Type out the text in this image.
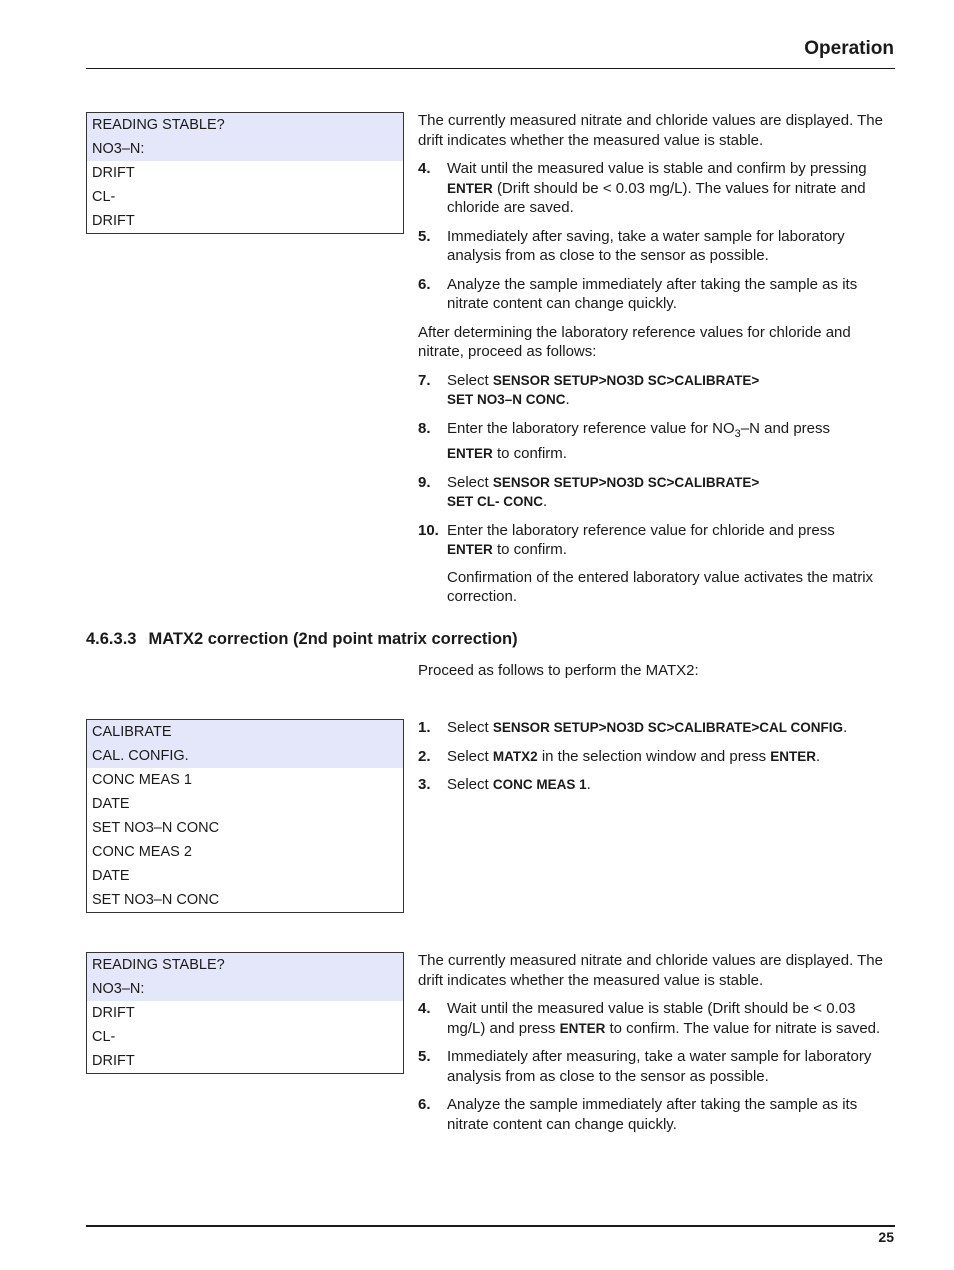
Operation
READING STABLE?
NO3–N:
DRIFT
CL-
DRIFT

The currently measured nitrate and chloride values are displayed. The drift indicates whether the measured value is stable.

4. Wait until the measured value is stable and confirm by pressing ENTER (Drift should be < 0.03 mg/L). The values for nitrate and chloride are saved.
5. Immediately after saving, take a water sample for laboratory analysis from as close to the sensor as possible.
6. Analyze the sample immediately after taking the sample as its nitrate content can change quickly.

After determining the laboratory reference values for chloride and nitrate, proceed as follows:

7. Select SENSOR SETUP>NO3D SC>CALIBRATE>
SET NO3–N CONC.
8. Enter the laboratory reference value for $NO_3-N$ and press
ENTER to confirm.
9. Select SENSOR SETUP>NO3D SC>CALIBRATE>
SET CL- CONC.
10. Enter the laboratory reference value for chloride and press
ENTER to confirm.
Confirmation of the entered laboratory value activates the matrix correction.
4.6.3.3 MATX2 correction (2nd point matrix correction)
Proceed as follows to perform the MATX2:
CALIBRATE
CAL. CONFIG.
CONC MEAS 1
DATE
SET NO3–N CONC
CONC MEAS 2
DATE
SET NO3–N CONC
1. Select SENSOR SETUP>NO3D SC>CALIBRATE>CAL CONFIG.
2. Select MATX2 in the selection window and press ENTER.
3. Select CONC MEAS 1.
READING STABLE?
NO3–N:
DRIFT
CL-
DRIFT

The currently measured nitrate and chloride values are displayed. The drift indicates whether the measured value is stable.

4. Wait until the measured value is stable (Drift should be < 0.03 mg/L) and press ENTER to confirm. The value for nitrate is saved.
5. Immediately after measuring, take a water sample for laboratory analysis from as close to the sensor as possible.
6. Analyze the sample immediately after taking the sample as its nitrate content can change quickly.
25
